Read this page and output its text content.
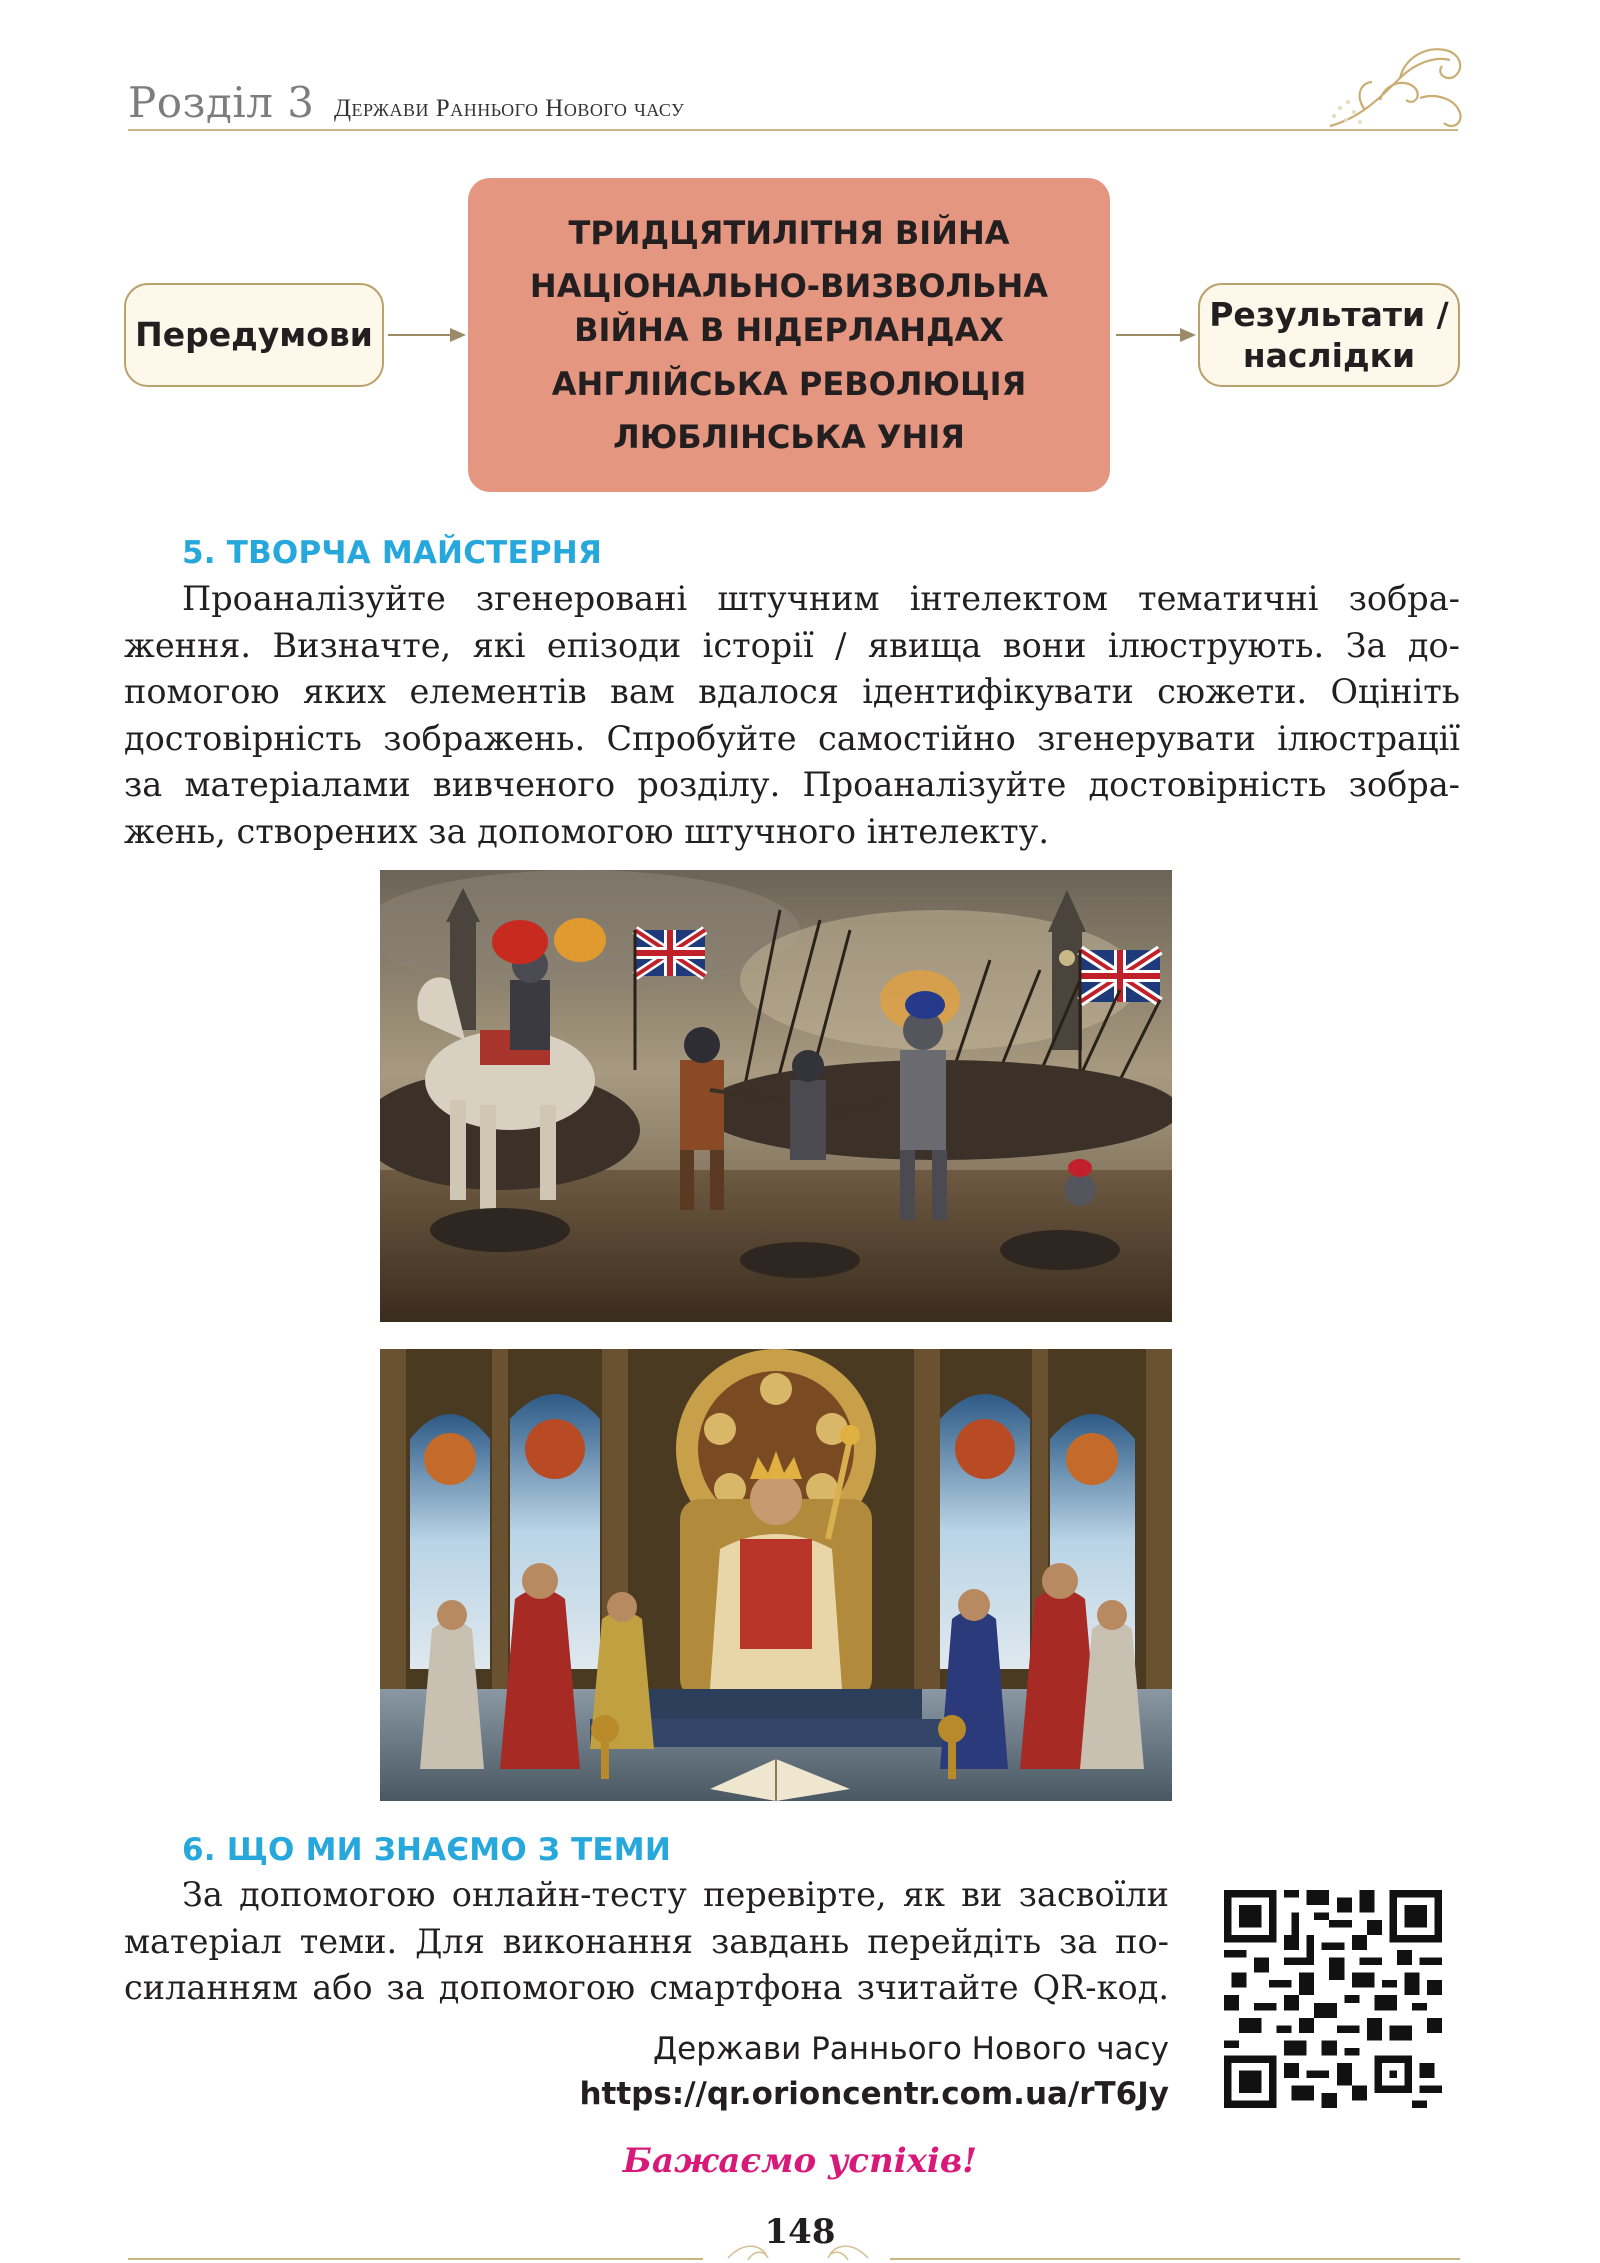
Розділ 3 Держави Раннього Нового часу
Передумови
ТРИДЦЯТИЛІТНЯ ВІЙНА
НАЦІОНАЛЬНО-ВИЗВОЛЬНА
ВІЙНА В НІДЕРЛАНДАХ
АНГЛІЙСЬКА РЕВОЛЮЦІЯ
ЛЮБЛІНСЬКА УНІЯ
Результати /
наслідки
5. ТВОРЧА МАЙСТЕРНЯ
Проаналізуйте згенеровані штучним інтелектом тематичні зобра-
ження. Визначте, які епізоди історії / явища вони ілюструють. За до-
помогою яких елементів вам вдалося ідентифікувати сюжети. Оцініть
достовірність зображень. Спробуйте самостійно згенерувати ілюстрації
за матеріалами вивченого розділу. Проаналізуйте достовірність зобра-
жень, створених за допомогою штучного інтелекту.
6. ЩО МИ ЗНАЄМО З ТЕМИ
За допомогою онлайн-тесту перевірте, як ви засвоїли
матеріал теми. Для виконання завдань перейдіть за по-
силанням або за допомогою смартфона зчитайте QR-код.
Держави Раннього Нового часу
https://qr.orioncentr.com.ua/rT6Jy
Бажаємо успіхів!
148
